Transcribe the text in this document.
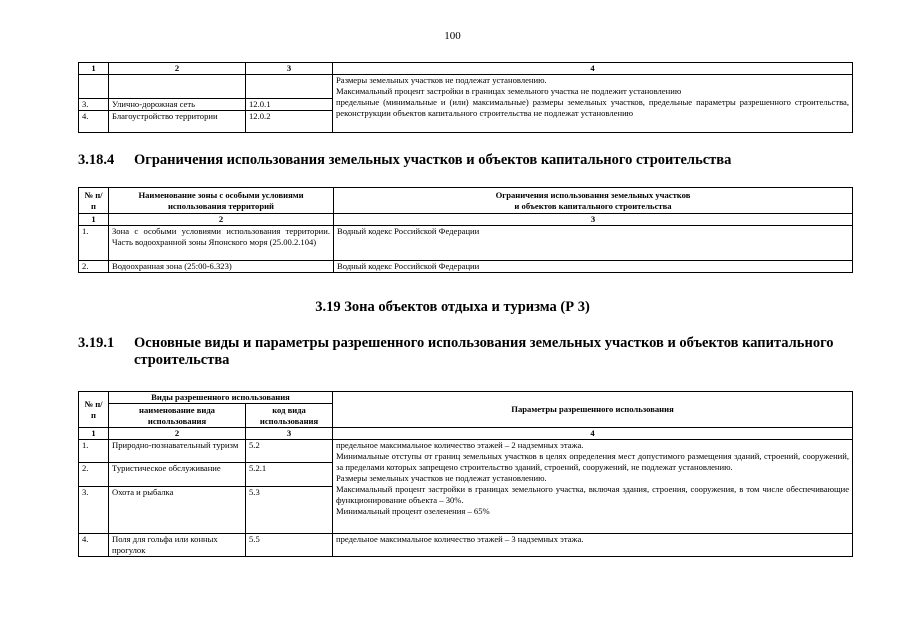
100
1	2	3	4

			Размеры земельных участков не подлежат установлению.
Максимальный процент застройки в границах земельного участка не подлежит установлению
предельные (минимальные и (или) максимальные) размеры земельных участков, предельные параметры разрешенного строительства, реконструкции объектов капитального строительства не подлежат установлению

3.	Улично-дорожная сеть	12.0.1	
4.	Благоустройство территории	12.0.2	
3.18.4 Ограничения использования земельных участков и объектов капитального строительства
№ п/п	Наименование зоны с особыми условиями использования территорий	Ограничения использования земельных участков
и объектов капитального строительства

1	2	3
1.	Зона с особыми условиями использования территории. Часть водоохранной зоны Японского моря (25.00.2.104)	Водный кодекс Российской Федерации
2.	Водоохранная зона (25:00-6.323)	Водный кодекс Российской Федерации
3.19 Зона объектов отдыха и туризма (Р 3)
3.19.1 Основные виды и параметры разрешенного использования земельных участков и объектов капитального
строительства
№ п/п	Виды разрешенного использования		Параметры разрешенного использования
	наименование вида использования	код вида использования	
1	2	3	4
1.	Природно-познавательный туризм	5.2	предельное максимальное количество этажей – 2 надземных этажа.
Минимальные отступы от границ земельных участков в целях определения мест допустимого размещения зданий, строений, сооружений, за пределами которых запрещено строительство зданий, строений, сооружений, не подлежат установлению.
Размеры земельных участков не подлежат установлению.
Максимальный процент застройки в границах земельного участка, включая здания, строения, сооружения, в том числе обеспечивающие функционирование объекта – 30%.
Минимальный процент озеленения – 65%

2.	Туристическое обслуживание	5.2.1	
3.	Охота и рыбалка	5.3	
4.	Поля для гольфа или конных прогулок	5.5	предельное максимальное количество этажей – 3 надземных этажа.
